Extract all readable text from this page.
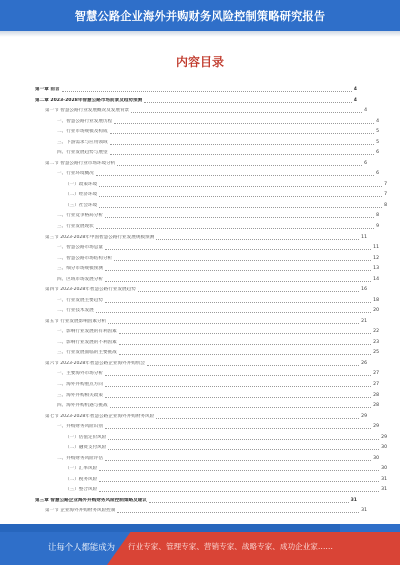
智慧公路企业海外并购财务风险控制策略研究报告
内容目录
第一章 前言	4
第二章 2023-2028年智慧公路市场前景及趋势预测	4
第一节 智慧公路行业发展概况及发展背景	4
一、智慧公路行业发展历程	4
二、行业市场规模及构成	5
三、下游需求与应用领域	5
四、行业发展趋势与展望	6
第二节 智慧公路行业市场环境分析	6
一、行业环境概况	6
（一）政策环境	7
（二）经济环境	7
（三）社会环境	8
二、行业竞争格局分析	8
三、行业发展现状	9
第三节 2023-2028年中国智慧公路行业发展规模预测	11
一、智慧公路市场总量	11
二、智慧公路市场结构分析	12
三、细分市场规模预测	13
四、区域市场发展分析	14
第四节 2023-2028年智慧公路行业发展趋势	16
一、行业发展主要趋势	18
二、行业技术发展	20
第五节 行业发展影响因素分析	21
一、影响行业发展的有利因素	22
二、影响行业发展的不利因素	23
三、行业发展面临的主要挑战	25
第六节 2023-2028年智慧公路企业海外并购机会	26
一、主要海外市场分析	27
二、海外并购重点方向	27
三、海外并购相关政策	28
四、海外并购机遇与挑战	28
第七节 2023-2028年智慧公路企业海外并购财务风险	29
一、并购财务风险识别	29
（一）估值定价风险	29
（二）融资支付风险	30
二、并购财务风险评估	30
（一）汇率风险	30
（二）税务风险	31
（三）整合风险	31
第三章 智慧公路企业海外并购财务风险控制策略及建议	31
第一节 企业海外并购财务风险控制	31
让每个人都能成为 行业专家、管理专家、营销专家、战略专家、成功企业家……
